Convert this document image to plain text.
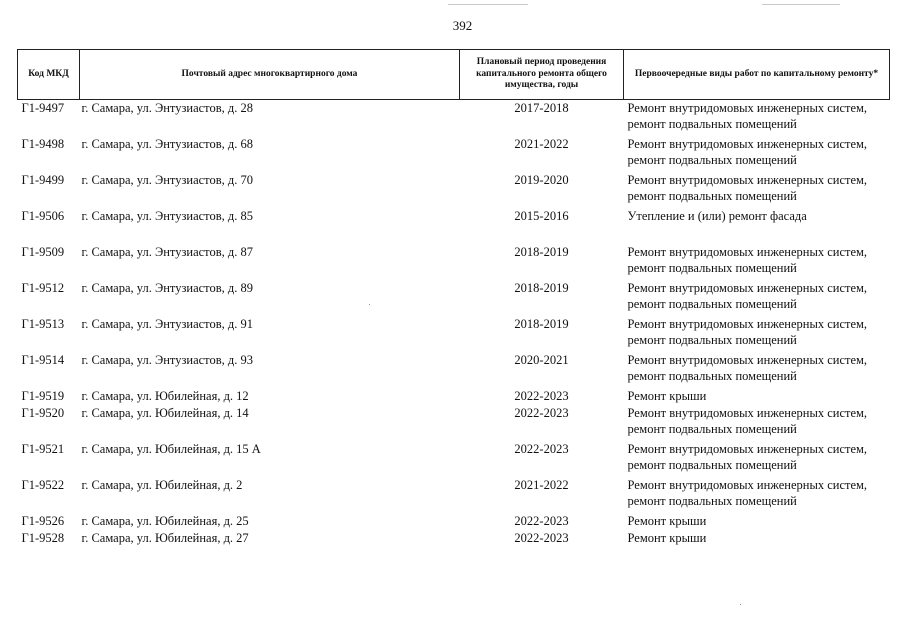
392
Код МКД	Почтовый адрес многоквартирного дома	Плановый период проведения капитального ремонта общего имущества, годы	Первоочередные виды работ по капитальному ремонту*
Г1-9497	г. Самара, ул. Энтузиастов, д. 28	2017-2018	Ремонт внутридомовых инженерных систем, ремонт подвальных помещений
Г1-9498	г. Самара, ул. Энтузиастов, д. 68	2021-2022	Ремонт внутридомовых инженерных систем, ремонт подвальных помещений
Г1-9499	г. Самара, ул. Энтузиастов, д. 70	2019-2020	Ремонт внутридомовых инженерных систем, ремонт подвальных помещений
Г1-9506	г. Самара, ул. Энтузиастов, д. 85	2015-2016	Утепление и (или) ремонт фасада
Г1-9509	г. Самара, ул. Энтузиастов, д. 87	2018-2019	Ремонт внутридомовых инженерных систем, ремонт подвальных помещений
Г1-9512	г. Самара, ул. Энтузиастов, д. 89	2018-2019	Ремонт внутридомовых инженерных систем, ремонт подвальных помещений
Г1-9513	г. Самара, ул. Энтузиастов, д. 91	2018-2019	Ремонт внутридомовых инженерных систем, ремонт подвальных помещений
Г1-9514	г. Самара, ул. Энтузиастов, д. 93	2020-2021	Ремонт внутридомовых инженерных систем, ремонт подвальных помещений
Г1-9519	г. Самара, ул. Юбилейная, д. 12	2022-2023	Ремонт крыши
Г1-9520	г. Самара, ул. Юбилейная, д. 14	2022-2023	Ремонт внутридомовых инженерных систем, ремонт подвальных помещений
Г1-9521	г. Самара, ул. Юбилейная, д. 15 А	2022-2023	Ремонт внутридомовых инженерных систем, ремонт подвальных помещений
Г1-9522	г. Самара, ул. Юбилейная, д. 2	2021-2022	Ремонт внутридомовых инженерных систем, ремонт подвальных помещений
Г1-9526	г. Самара, ул. Юбилейная, д. 25	2022-2023	Ремонт крыши
Г1-9528	г. Самара, ул. Юбилейная, д. 27	2022-2023	Ремонт крыши
